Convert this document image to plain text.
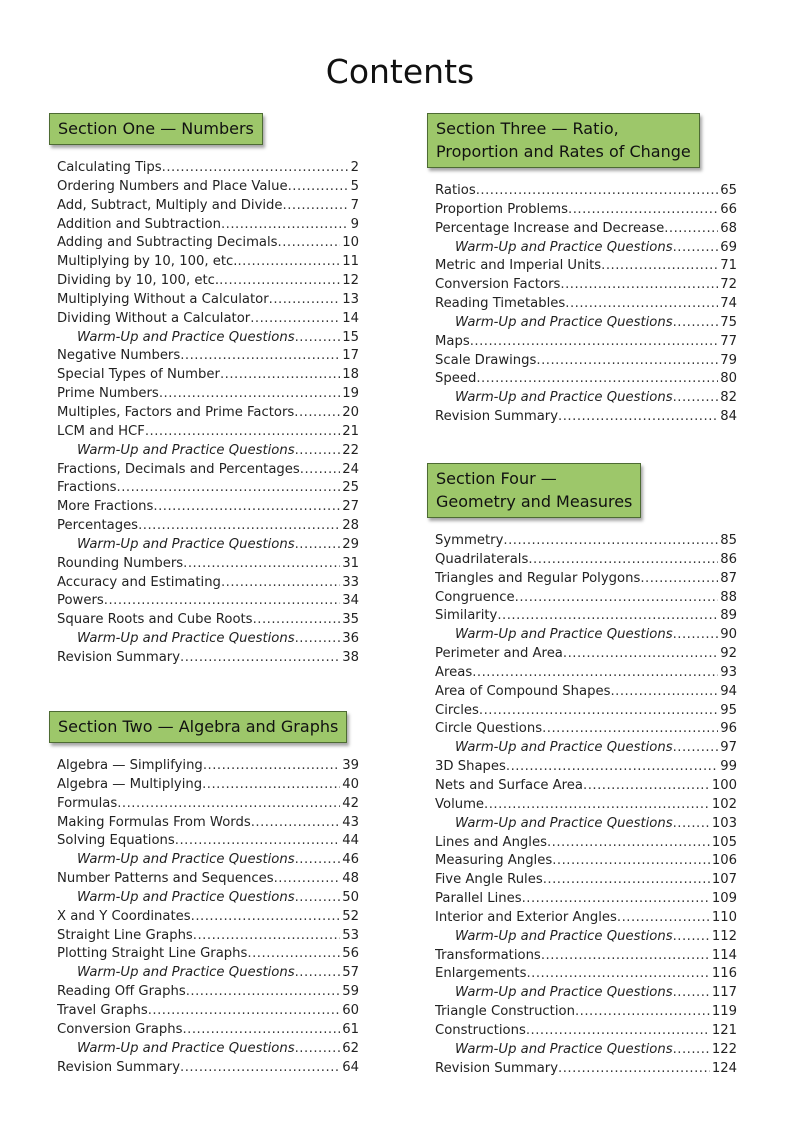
Contents
Section One — Numbers
Calculating Tips .....	2
Ordering Numbers and Place Value .....	5
Add, Subtract, Multiply and Divide .....	7
Addition and Subtraction .....	9
Adding and Subtracting Decimals .....	10
Multiplying by 10, 100, etc. .....	11
Dividing by 10, 100, etc. .....	12
Multiplying Without a Calculator .....	13
Dividing Without a Calculator .....	14
Warm-Up and Practice Questions .....	15
Negative Numbers .....	17
Special Types of Number .....	18
Prime Numbers .....	19
Multiples, Factors and Prime Factors .....	20
LCM and HCF .....	21
Warm-Up and Practice Questions .....	22
Fractions, Decimals and Percentages .....	24
Fractions .....	25
More Fractions .....	27
Percentages .....	28
Warm-Up and Practice Questions .....	29
Rounding Numbers .....	31
Accuracy and Estimating .....	33
Powers .....	34
Square Roots and Cube Roots .....	35
Warm-Up and Practice Questions .....	36
Revision Summary .....	38
Section Two — Algebra and Graphs
Algebra — Simplifying .....	39
Algebra — Multiplying .....	40
Formulas .....	42
Making Formulas From Words .....	43
Solving Equations .....	44
Warm-Up and Practice Questions .....	46
Number Patterns and Sequences .....	48
Warm-Up and Practice Questions .....	50
X and Y Coordinates .....	52
Straight Line Graphs .....	53
Plotting Straight Line Graphs .....	56
Warm-Up and Practice Questions .....	57
Reading Off Graphs .....	59
Travel Graphs .....	60
Conversion Graphs .....	61
Warm-Up and Practice Questions .....	62
Revision Summary .....	64
Section Three — Ratio,
Proportion and Rates of Change
Ratios .....	65
Proportion Problems .....	66
Percentage Increase and Decrease .....	68
Warm-Up and Practice Questions .....	69
Metric and Imperial Units .....	71
Conversion Factors .....	72
Reading Timetables .....	74
Warm-Up and Practice Questions .....	75
Maps .....	77
Scale Drawings .....	79
Speed .....	80
Warm-Up and Practice Questions .....	82
Revision Summary .....	84
Section Four —
Geometry and Measures
Symmetry .....	85
Quadrilaterals .....	86
Triangles and Regular Polygons .....	87
Congruence .....	88
Similarity .....	89
Warm-Up and Practice Questions .....	90
Perimeter and Area .....	92
Areas .....	93
Area of Compound Shapes .....	94
Circles .....	95
Circle Questions .....	96
Warm-Up and Practice Questions .....	97
3D Shapes .....	99
Nets and Surface Area .....	100
Volume .....	102
Warm-Up and Practice Questions .....	103
Lines and Angles .....	105
Measuring Angles .....	106
Five Angle Rules .....	107
Parallel Lines .....	109
Interior and Exterior Angles .....	110
Warm-Up and Practice Questions .....	112
Transformations .....	114
Enlargements .....	116
Warm-Up and Practice Questions .....	117
Triangle Construction .....	119
Constructions .....	121
Warm-Up and Practice Questions .....	122
Revision Summary .....	124
